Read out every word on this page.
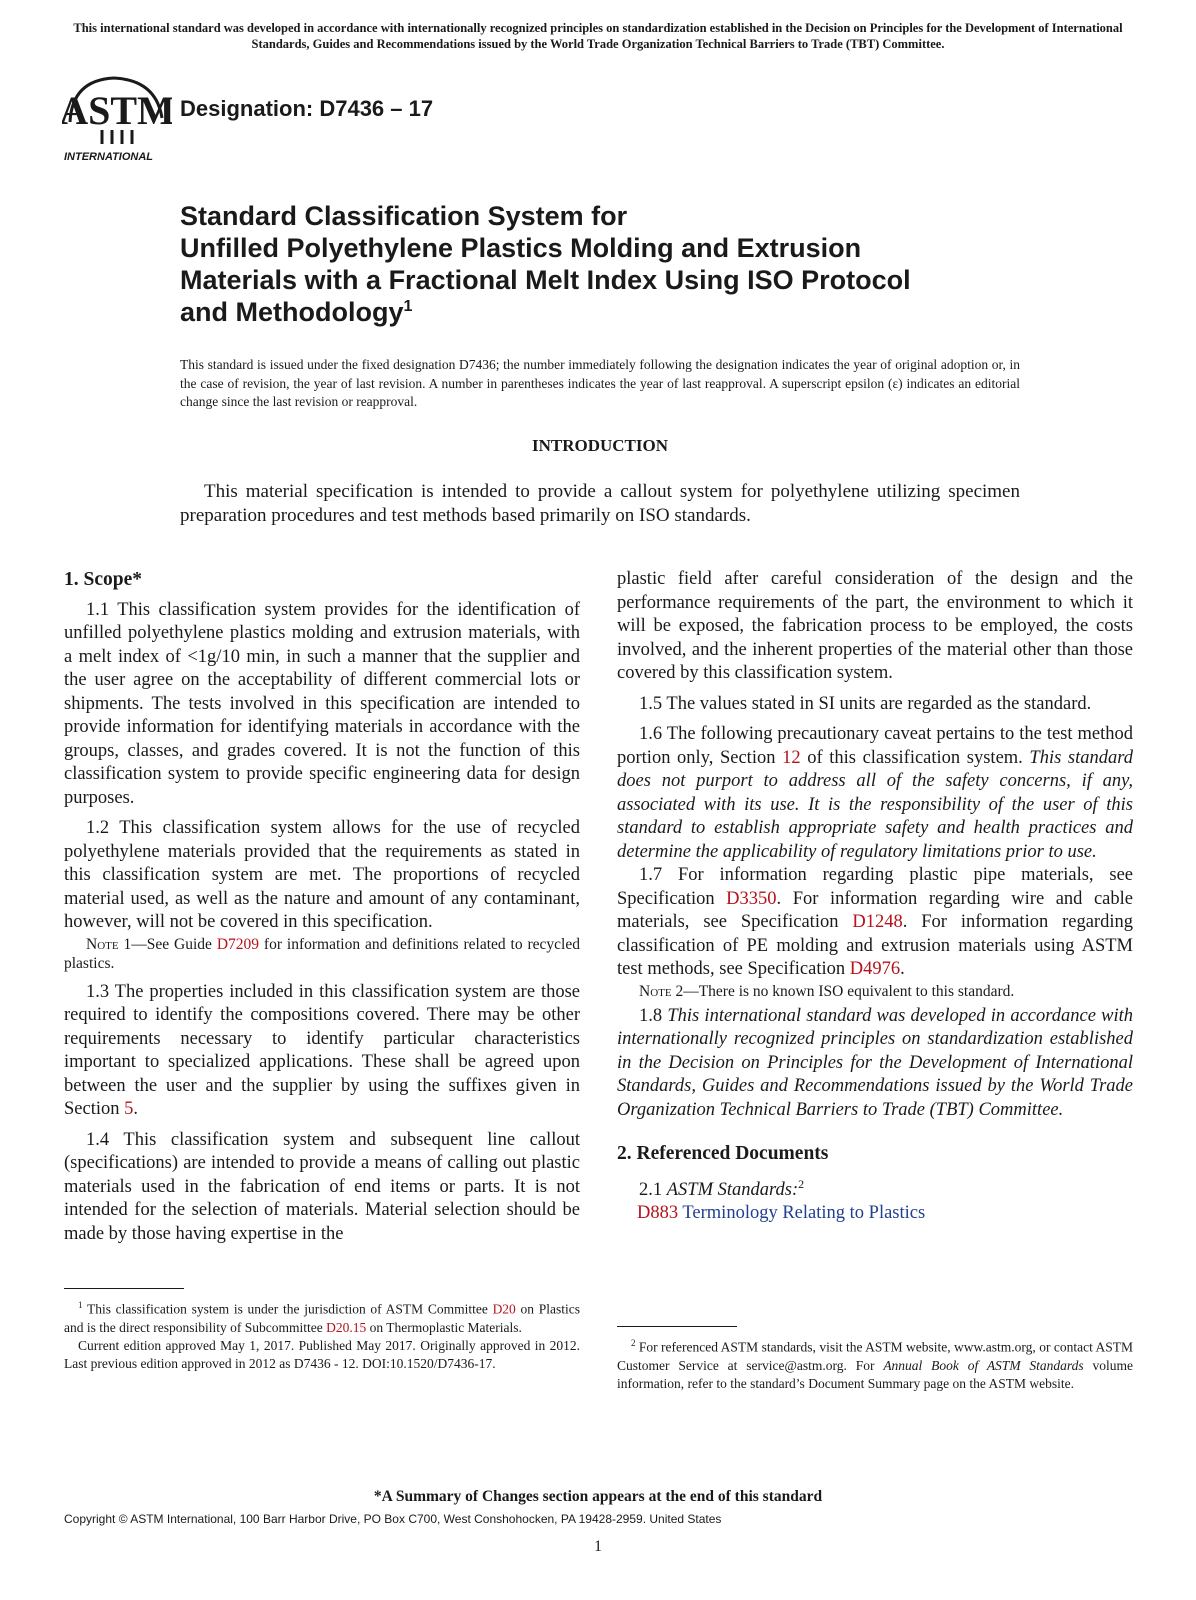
This international standard was developed in accordance with internationally recognized principles on standardization established in the Decision on Principles for the Development of International Standards, Guides and Recommendations issued by the World Trade Organization Technical Barriers to Trade (TBT) Committee.
ASTM
INTERNATIONAL
Designation: D7436 – 17
Standard Classification System for
Unfilled Polyethylene Plastics Molding and Extrusion
Materials with a Fractional Melt Index Using ISO Protocol
and Methodology$^1$
This standard is issued under the fixed designation D7436; the number immediately following the designation indicates the year of original adoption or, in the case of revision, the year of last revision. A number in parentheses indicates the year of last reapproval. A superscript epsilon (ε) indicates an editorial change since the last revision or reapproval.
INTRODUCTION
This material specification is intended to provide a callout system for polyethylene utilizing specimen preparation procedures and test methods based primarily on ISO standards.
1. Scope*

1.1 This classification system provides for the identification of unfilled polyethylene plastics molding and extrusion materials, with a melt index of <1g/10 min, in such a manner that the supplier and the user agree on the acceptability of different commercial lots or shipments. The tests involved in this specification are intended to provide information for identifying materials in accordance with the groups, classes, and grades covered. It is not the function of this classification system to provide specific engineering data for design purposes.

1.2 This classification system allows for the use of recycled polyethylene materials provided that the requirements as stated in this classification system are met. The proportions of recycled material used, as well as the nature and amount of any contaminant, however, will not be covered in this specification.

Note 1—See Guide D7209 for information and definitions related to recycled plastics.

1.3 The properties included in this classification system are those required to identify the compositions covered. There may be other requirements necessary to identify particular characteristics important to specialized applications. These shall be agreed upon between the user and the supplier by using the suffixes given in Section 5.

1.4 This classification system and subsequent line callout (specifications) are intended to provide a means of calling out plastic materials used in the fabrication of end items or parts. It is not intended for the selection of materials. Material selection should be made by those having expertise in the

$^1$ This classification system is under the jurisdiction of ASTM Committee D20 on Plastics and is the direct responsibility of Subcommittee D20.15 on Thermoplastic Materials.

Current edition approved May 1, 2017. Published May 2017. Originally approved in 2012. Last previous edition approved in 2012 as D7436 - 12. DOI:10.1520/D7436-17.

plastic field after careful consideration of the design and the performance requirements of the part, the environment to which it will be exposed, the fabrication process to be employed, the costs involved, and the inherent properties of the material other than those covered by this classification system.

1.5 The values stated in SI units are regarded as the standard.

1.6 The following precautionary caveat pertains to the test method portion only, Section 12 of this classification system. This standard does not purport to address all of the safety concerns, if any, associated with its use. It is the responsibility of the user of this standard to establish appropriate safety and health practices and determine the applicability of regulatory limitations prior to use.

1.7 For information regarding plastic pipe materials, see Specification D3350. For information regarding wire and cable materials, see Specification D1248. For information regarding classification of PE molding and extrusion materials using ASTM test methods, see Specification D4976.

Note 2—There is no known ISO equivalent to this standard.

1.8 This international standard was developed in accordance with internationally recognized principles on standardization established in the Decision on Principles for the Development of International Standards, Guides and Recommendations issued by the World Trade Organization Technical Barriers to Trade (TBT) Committee.

2. Referenced Documents

2.1 ASTM Standards:$^2$

D883 Terminology Relating to Plastics

$^2$ For referenced ASTM standards, visit the ASTM website, www.astm.org, or contact ASTM Customer Service at service@astm.org. For Annual Book of ASTM Standards volume information, refer to the standard’s Document Summary page on the ASTM website.

*A Summary of Changes section appears at the end of this standard
Copyright © ASTM International, 100 Barr Harbor Drive, PO Box C700, West Conshohocken, PA 19428-2959. United States
1
